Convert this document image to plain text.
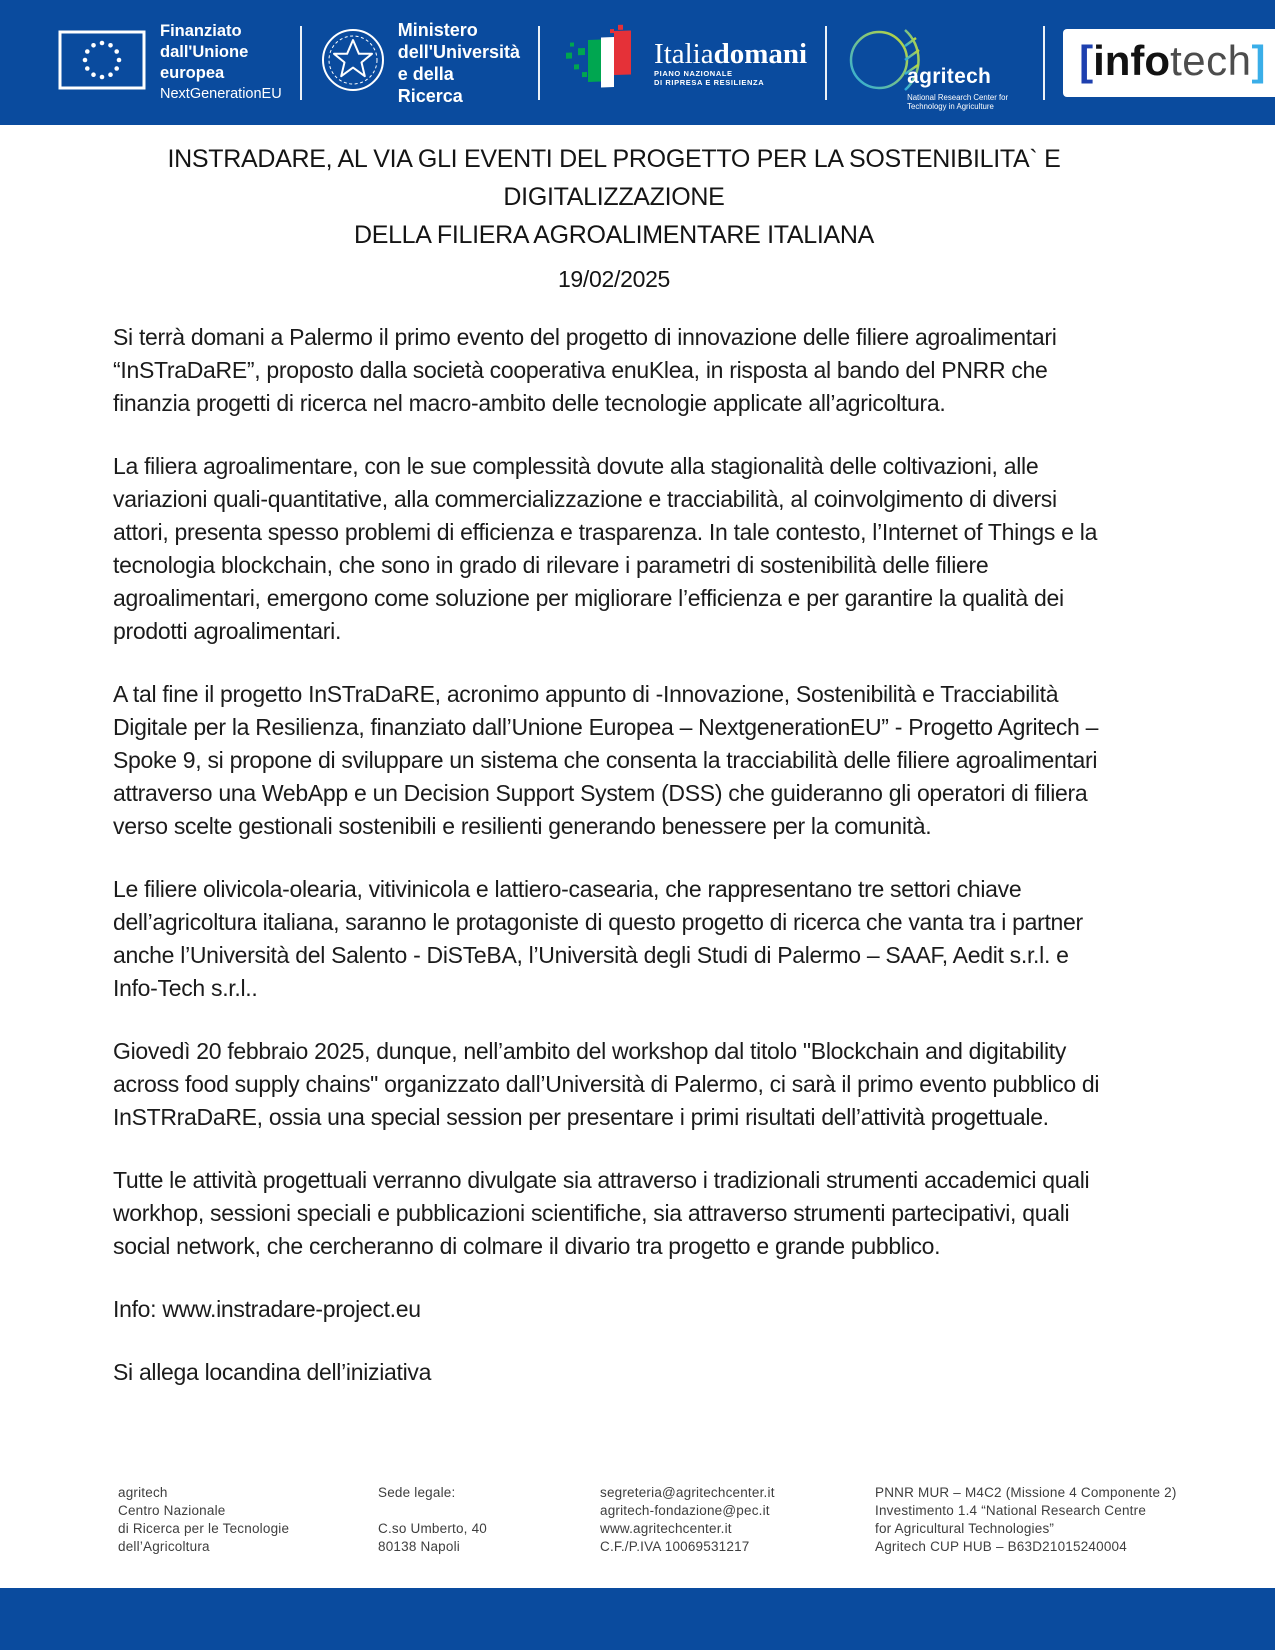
Finanziato
dall'Unione europea
NextGenerationEU
Ministero
dell'Università
e della Ricerca
Italiadomani
PIANO NAZIONALE
DI RIPRESA E RESILIENZA	agritech
National Research Center for
Technology in Agriculture
[ info tech ]
INSTRADARE, AL VIA GLI EVENTI DEL PROGETTO PER LA SOSTENIBILITA` E DIGITALIZZAZIONE
DELLA FILIERA AGROALIMENTARE ITALIANA
19/02/2025

Si terrà domani a Palermo il primo evento del progetto di innovazione delle filiere agroalimentari “InSTraDaRE”, proposto dalla società cooperativa enuKlea, in risposta al bando del PNRR che finanzia progetti di ricerca nel macro-ambito delle tecnologie applicate all’agricoltura.

La filiera agroalimentare, con le sue complessità dovute alla stagionalità delle coltivazioni, alle variazioni quali-quantitative, alla commercializzazione e tracciabilità, al coinvolgimento di diversi attori, presenta spesso problemi di efficienza e trasparenza. In tale contesto, l’Internet of Things e la tecnologia blockchain, che sono in grado di rilevare i parametri di sostenibilità delle filiere agroalimentari, emergono come soluzione per migliorare l’efficienza e per garantire la qualità dei prodotti agroalimentari.

A tal fine il progetto InSTraDaRE, acronimo appunto di -Innovazione, Sostenibilità e Tracciabilità Digitale per la Resilienza, finanziato dall’Unione Europea – NextgenerationEU” - Progetto Agritech – Spoke 9, si propone di sviluppare un sistema che consenta la tracciabilità delle filiere agroalimentari attraverso una WebApp e un Decision Support System (DSS) che guideranno gli operatori di filiera verso scelte gestionali sostenibili e resilienti generando benessere per la comunità.

Le filiere olivicola-olearia, vitivinicola e lattiero-casearia, che rappresentano tre settori chiave dell’agricoltura italiana, saranno le protagoniste di questo progetto di ricerca che vanta tra i partner anche l’Università del Salento - DiSTeBA, l’Università degli Studi di Palermo – SAAF, Aedit s.r.l. e Info-Tech s.r.l..

Giovedì 20 febbraio 2025, dunque, nell’ambito del workshop dal titolo "Blockchain and digitability across food supply chains" organizzato dall’Università di Palermo, ci sarà il primo evento pubblico di InSTRraDaRE, ossia una special session per presentare i primi risultati dell’attività progettuale.

Tutte le attività progettuali verranno divulgate sia attraverso i tradizionali strumenti accademici quali workhop, sessioni speciali e pubblicazioni scientifiche, sia attraverso strumenti partecipativi, quali social network, che cercheranno di colmare il divario tra progetto e grande pubblico.

Info: www.instradare-project.eu

Si allega locandina dell’iniziativa

agritech

Centro Nazionale

di Ricerca per le Tecnologie

dell’Agricoltura

Sede legale:

C.so Umberto, 40

80138 Napoli

segreteria@agritechcenter.it

agritech-fondazione@pec.it

www.agritechcenter.it

C.F./P.IVA 10069531217

PNNR MUR – M4C2 (Missione 4 Componente 2)

Investimento 1.4 “National Research Centre

for Agricultural Technologies”

Agritech CUP HUB – B63D21015240004
